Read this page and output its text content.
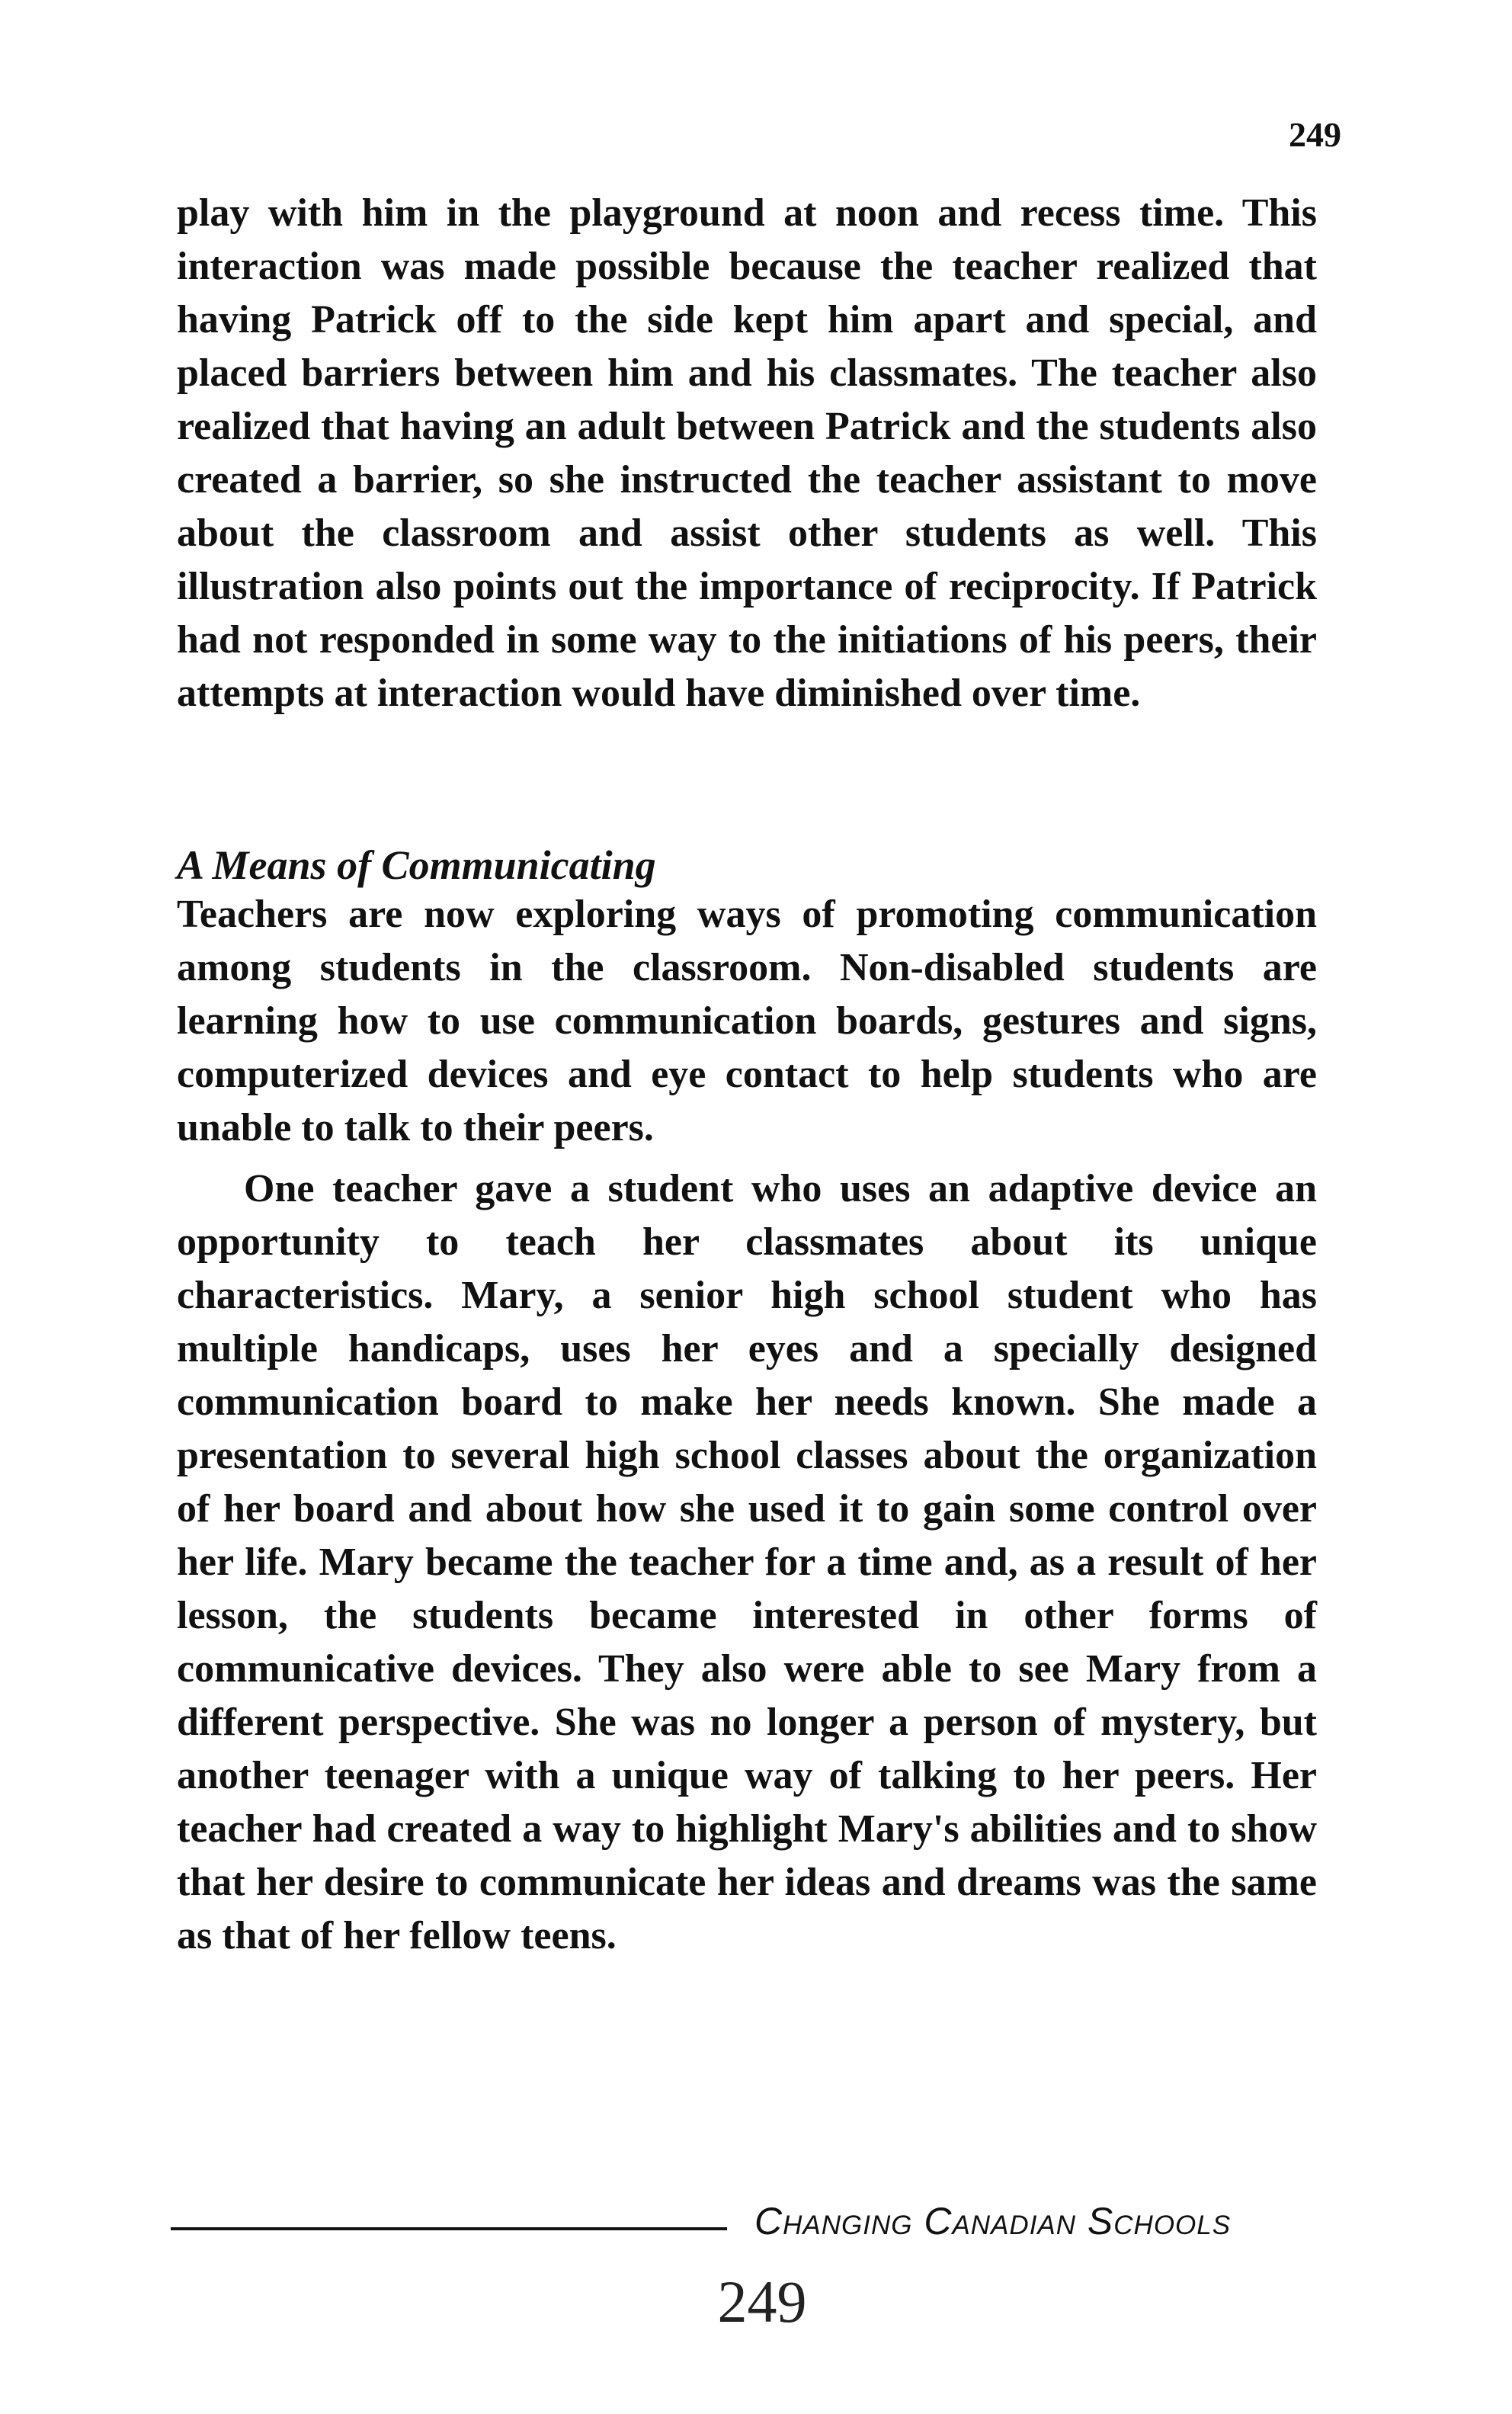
249
play with him in the playground at noon and recess time. This interaction was made possible because the teacher realized that having Patrick off to the side kept him apart and special, and placed barriers between him and his classmates. The teacher also realized that having an adult between Patrick and the students also created a barrier, so she instructed the teacher assistant to move about the classroom and assist other students as well. This illustration also points out the importance of reciprocity. If Patrick had not responded in some way to the initiations of his peers, their attempts at interaction would have diminished over time.
A Means of Communicating
Teachers are now exploring ways of promoting communication among students in the classroom. Non-disabled students are learning how to use communication boards, gestures and signs, computerized devices and eye contact to help students who are unable to talk to their peers.
One teacher gave a student who uses an adaptive device an opportunity to teach her classmates about its unique characteristics. Mary, a senior high school student who has multiple handicaps, uses her eyes and a specially designed communication board to make her needs known. She made a presentation to several high school classes about the organization of her board and about how she used it to gain some control over her life. Mary became the teacher for a time and, as a result of her lesson, the students became interested in other forms of communicative devices. They also were able to see Mary from a different perspective. She was no longer a person of mystery, but another teenager with a unique way of talking to her peers. Her teacher had created a way to highlight Mary's abilities and to show that her desire to communicate her ideas and dreams was the same as that of her fellow teens.
Changing Canadian Schools
249
